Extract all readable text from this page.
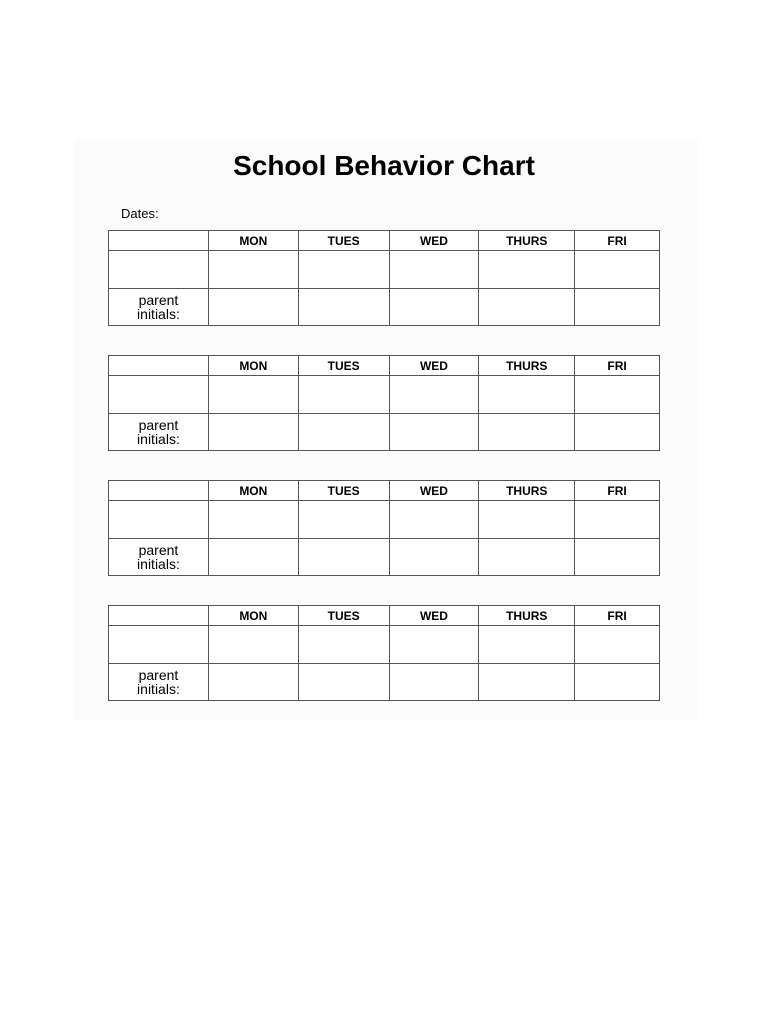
School Behavior Chart
Dates:
	MON	TUES	WED	THURS	FRI

parent
initials:					

	MON	TUES	WED	THURS	FRI

parent
initials:					

	MON	TUES	WED	THURS	FRI

parent
initials:					

	MON	TUES	WED	THURS	FRI

parent
initials:					
